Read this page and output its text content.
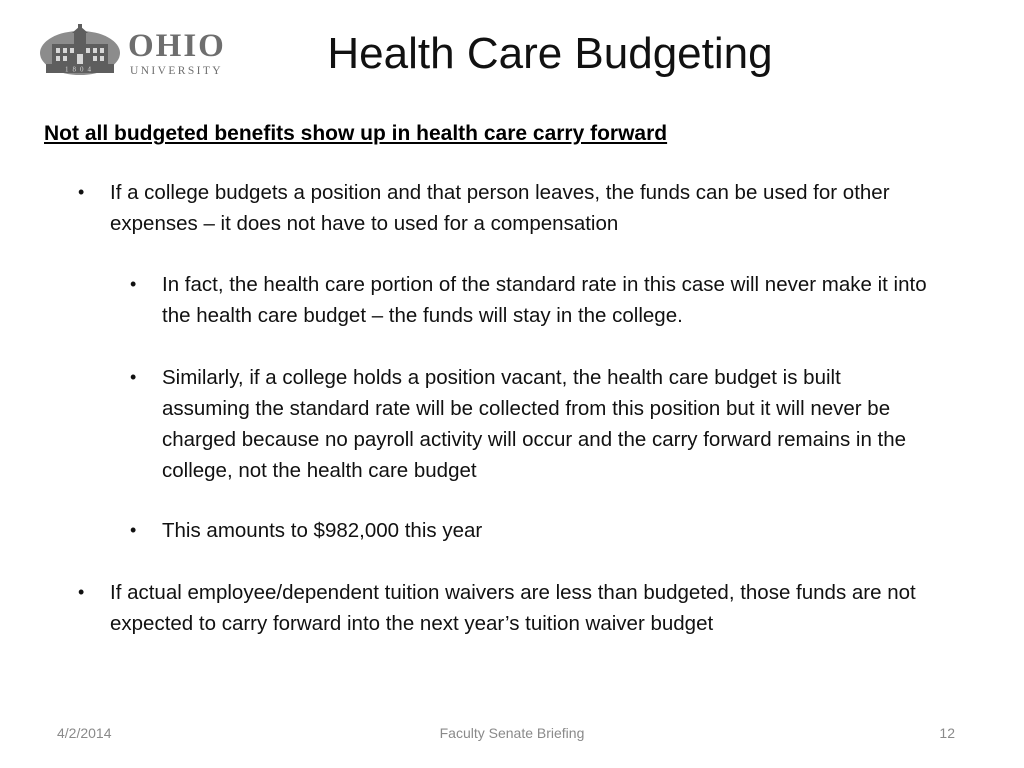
1804
OHIO
UNIVERSITY	Health Care Budgeting
Not all budgeted benefits show up in health care carry forward
• If a college budgets a position and that person leaves, the funds can be used for other expenses – it does not have to used for a compensation
• In fact, the health care portion of the standard rate in this case will never make it into the health care budget – the funds will stay in the college.
• Similarly, if a college holds a position vacant, the health care budget is built assuming the standard rate will be collected from this position but it will never be charged because no payroll activity will occur and the carry forward remains in the college, not the health care budget
• This amounts to $982,000 this year
• If actual employee/dependent tuition waivers are less than budgeted, those funds are not expected to carry forward into the next year’s tuition waiver budget
4/2/2014	Faculty Senate Briefing	12
